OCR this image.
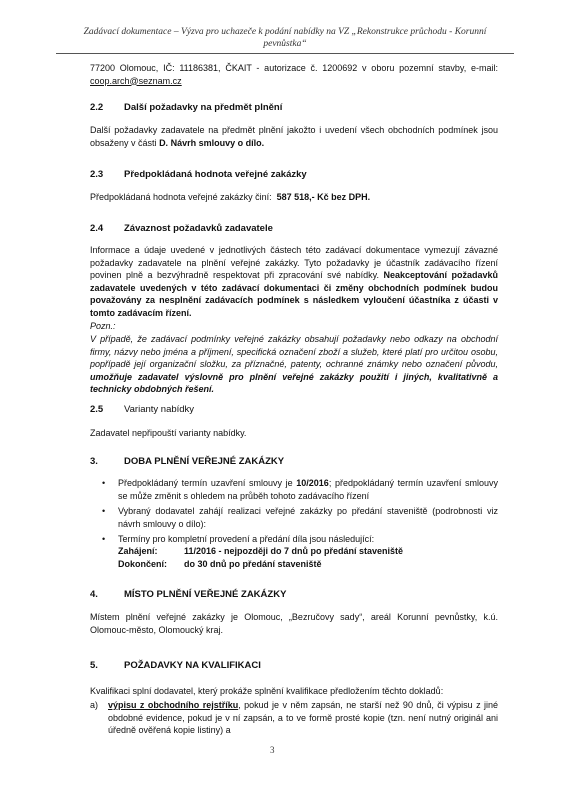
Zadávací dokumentace – Výzva pro uchazeče k podání nabídky na VZ „Rekonstrukce průchodu - Korunní
pevnůstka“
77200 Olomouc, IČ: 11186381, ČKAIT - autorizace č. 1200692 v oboru pozemní stavby, e-mail: coop.arch@seznam.cz
2.2 Další požadavky na předmět plnění
Další požadavky zadavatele na předmět plnění jakožto i uvedení všech obchodních podmínek jsou obsaženy v části D. Návrh smlouvy o dílo.
2.3 Předpokládaná hodnota veřejné zakázky
Předpokládaná hodnota veřejné zakázky činí: 587 518,- Kč bez DPH.
2.4 Závaznost požadavků zadavatele
Informace a údaje uvedené v jednotlivých částech této zadávací dokumentace vymezují závazné požadavky zadavatele na plnění veřejné zakázky. Tyto požadavky je účastník zadávacího řízení povinen plně a bezvýhradně respektovat při zpracování své nabídky. Neakceptování požadavků zadavatele uvedených v této zadávací dokumentaci či změny obchodních podmínek budou považovány za nesplnění zadávacích podmínek s následkem vyloučení účastníka z účasti v tomto zadávacím řízení.
Pozn.:
V případě, že zadávací podmínky veřejné zakázky obsahují požadavky nebo odkazy na obchodní firmy, názvy nebo jména a příjmení, specifická označení zboží a služeb, které platí pro určitou osobu, popřípadě její organizační složku, za příznačné, patenty, ochranné známky nebo označení původu, umožňuje zadavatel výslovně pro plnění veřejné zakázky použití i jiných, kvalitativně a technicky obdobných řešení.
2.5 Varianty nabídky
Zadavatel nepřipouští varianty nabídky.
3.	DOBA PLNĚNÍ VEŘEJNÉ ZAKÁZKY
• Předpokládaný termín uzavření smlouvy je 10/2016; předpokládaný termín uzavření smlouvy se může změnit s ohledem na průběh tohoto zadávacího řízení
• Vybraný dodavatel zahájí realizaci veřejné zakázky po předání staveniště (podrobnosti viz návrh smlouvy o dílo):
• Termíny pro kompletní provedení a předání díla jsou následující:
Zahájení:	11/2016 - nejpozději do 7 dnů po předání staveniště
Dokončení:	do 30 dnů po předání staveniště
4.	MÍSTO PLNĚNÍ VEŘEJNÉ ZAKÁZKY
Místem plnění veřejné zakázky je Olomouc, „Bezručovy sady“, areál Korunní pevnůstky, k.ú. Olomouc-město, Olomoucký kraj.
5.	POŽADAVKY NA KVALIFIKACI
Kvalifikaci splní dodavatel, který prokáže splnění kvalifikace předložením těchto dokladů:
a) výpisu z obchodního rejstříku, pokud je v něm zapsán, ne starší než 90 dnů, či výpisu z jiné obdobné evidence, pokud je v ní zapsán, a to ve formě prosté kopie (tzn. není nutný originál ani úředně ověřená kopie listiny) a
3
